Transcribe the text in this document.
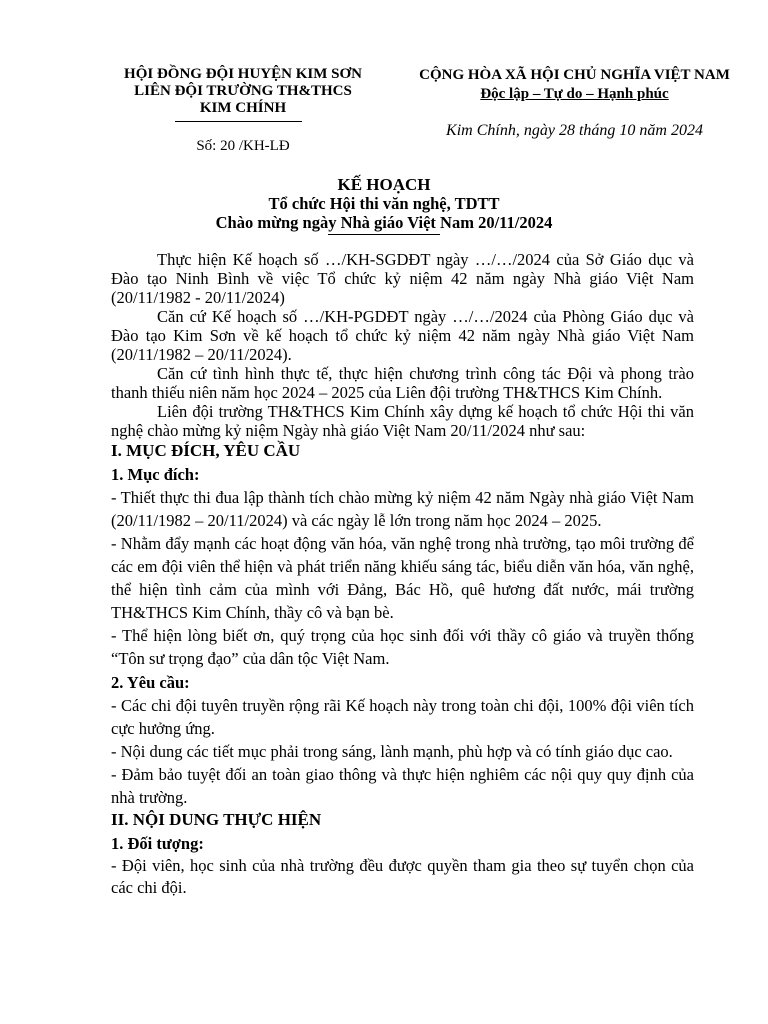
HỘI ĐỒNG ĐỘI HUYỆN KIM SƠN
LIÊN ĐỘI TRƯỜNG TH&THCS
KIM CHÍNH
Số: 20 /KH-LĐ
CỘNG HÒA XÃ HỘI CHỦ NGHĨA VIỆT NAM
Độc lập – Tự do – Hạnh phúc
Kim Chính, ngày 28 tháng 10 năm 2024
KẾ HOẠCH
Tổ chức Hội thi văn nghệ, TDTT
Chào mừng ngày Nhà giáo Việt Nam 20/11/2024

Thực hiện Kế hoạch số …/KH-SGDĐT ngày …/…/2024 của Sở Giáo dục và Đào tạo Ninh Bình về việc Tổ chức kỷ niệm 42 năm ngày Nhà giáo Việt Nam (20/11/1982 - 20/11/2024)

Căn cứ Kế hoạch số …/KH-PGDĐT ngày …/…/2024 của Phòng Giáo dục và Đào tạo Kim Sơn về kế hoạch tổ chức kỷ niệm 42 năm ngày Nhà giáo Việt Nam (20/11/1982 – 20/11/2024).

Căn cứ tình hình thực tế, thực hiện chương trình công tác Đội và phong trào thanh thiếu niên năm học 2024 – 2025 của Liên đội trường TH&THCS Kim Chính.

Liên đội trường TH&THCS Kim Chính xây dựng kế hoạch tổ chức Hội thi văn nghệ chào mừng kỷ niệm Ngày nhà giáo Việt Nam 20/11/2024 như sau:

I. MỤC ĐÍCH, YÊU CẦU
1. Mục đích:

- Thiết thực thi đua lập thành tích chào mừng kỷ niệm 42 năm Ngày nhà giáo Việt Nam (20/11/1982 – 20/11/2024) và các ngày lễ lớn trong năm học 2024 – 2025.

- Nhằm đẩy mạnh các hoạt động văn hóa, văn nghệ trong nhà trường, tạo môi trường để các em đội viên thể hiện và phát triển năng khiếu sáng tác, biểu diễn văn hóa, văn nghệ, thể hiện tình cảm của mình với Đảng, Bác Hồ, quê hương đất nước, mái trường TH&THCS Kim Chính, thầy cô và bạn bè.

- Thể hiện lòng biết ơn, quý trọng của học sinh đối với thầy cô giáo và truyền thống “Tôn sư trọng đạo” của dân tộc Việt Nam.

2. Yêu cầu:

- Các chi đội tuyên truyền rộng rãi Kế hoạch này trong toàn chi đội, 100% đội viên tích cực hưởng ứng.

- Nội dung các tiết mục phải trong sáng, lành mạnh, phù hợp và có tính giáo dục cao.

- Đảm bảo tuyệt đối an toàn giao thông và thực hiện nghiêm các nội quy quy định của nhà trường.

II. NỘI DUNG THỰC HIỆN
1. Đối tượng:

- Đội viên, học sinh của nhà trường đều được quyền tham gia theo sự tuyển chọn của các chi đội.
